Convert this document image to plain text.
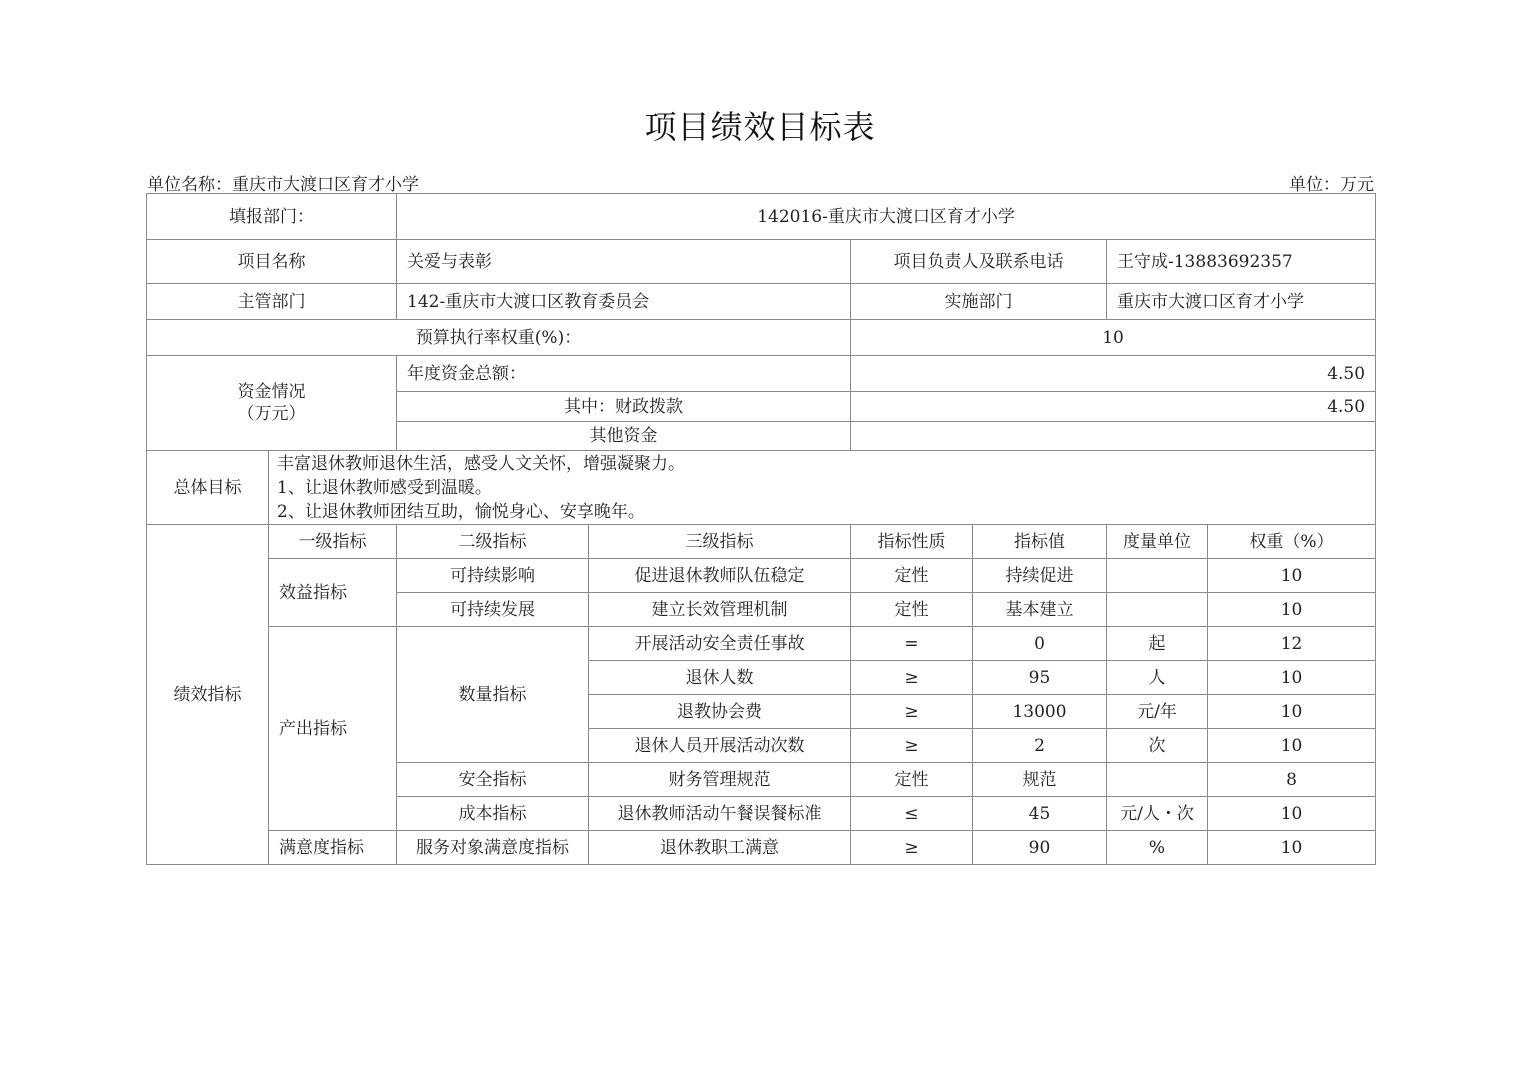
项目绩效目标表
单位名称：重庆市大渡口区育才小学	单位：万元
填报部门：		142016-重庆市大渡口区育才小学					
项目名称		关爱与表彰		项目负责人及联系电话		王守成-13883692357	
主管部门		142-重庆市大渡口区教育委员会		实施部门		重庆市大渡口区育才小学	
预算执行率权重(%)：				10			

资金情况
（万元）		年度资金总额：		4.50			
		其中：财政拨款		4.50			
		其他资金					
总体目标	丰富退休教师退休生活，感受人文关怀，增强凝聚力。
1、让退休教师感受到温暖。
2、让退休教师团结互助，愉悦身心、安享晚年。						

绩效指标	一级指标	二级指标	三级指标	指标性质	指标值	度量单位	权重（%）
	效益指标	可持续影响	促进退休教师队伍稳定	定性	持续促进		10
		可持续发展	建立长效管理机制	定性	基本建立		10
	产出指标	数量指标	开展活动安全责任事故	=	0	起	12
			退休人数	≥	95	人	10
			退教协会费	≥	13000	元/年	10
			退休人员开展活动次数	≥	2	次	10
		安全指标	财务管理规范	定性	规范		8
		成本指标	退休教师活动午餐误餐标准	≤	45	元/人・次	10
	满意度指标	服务对象满意度指标	退休教职工满意	≥	90	%	10
